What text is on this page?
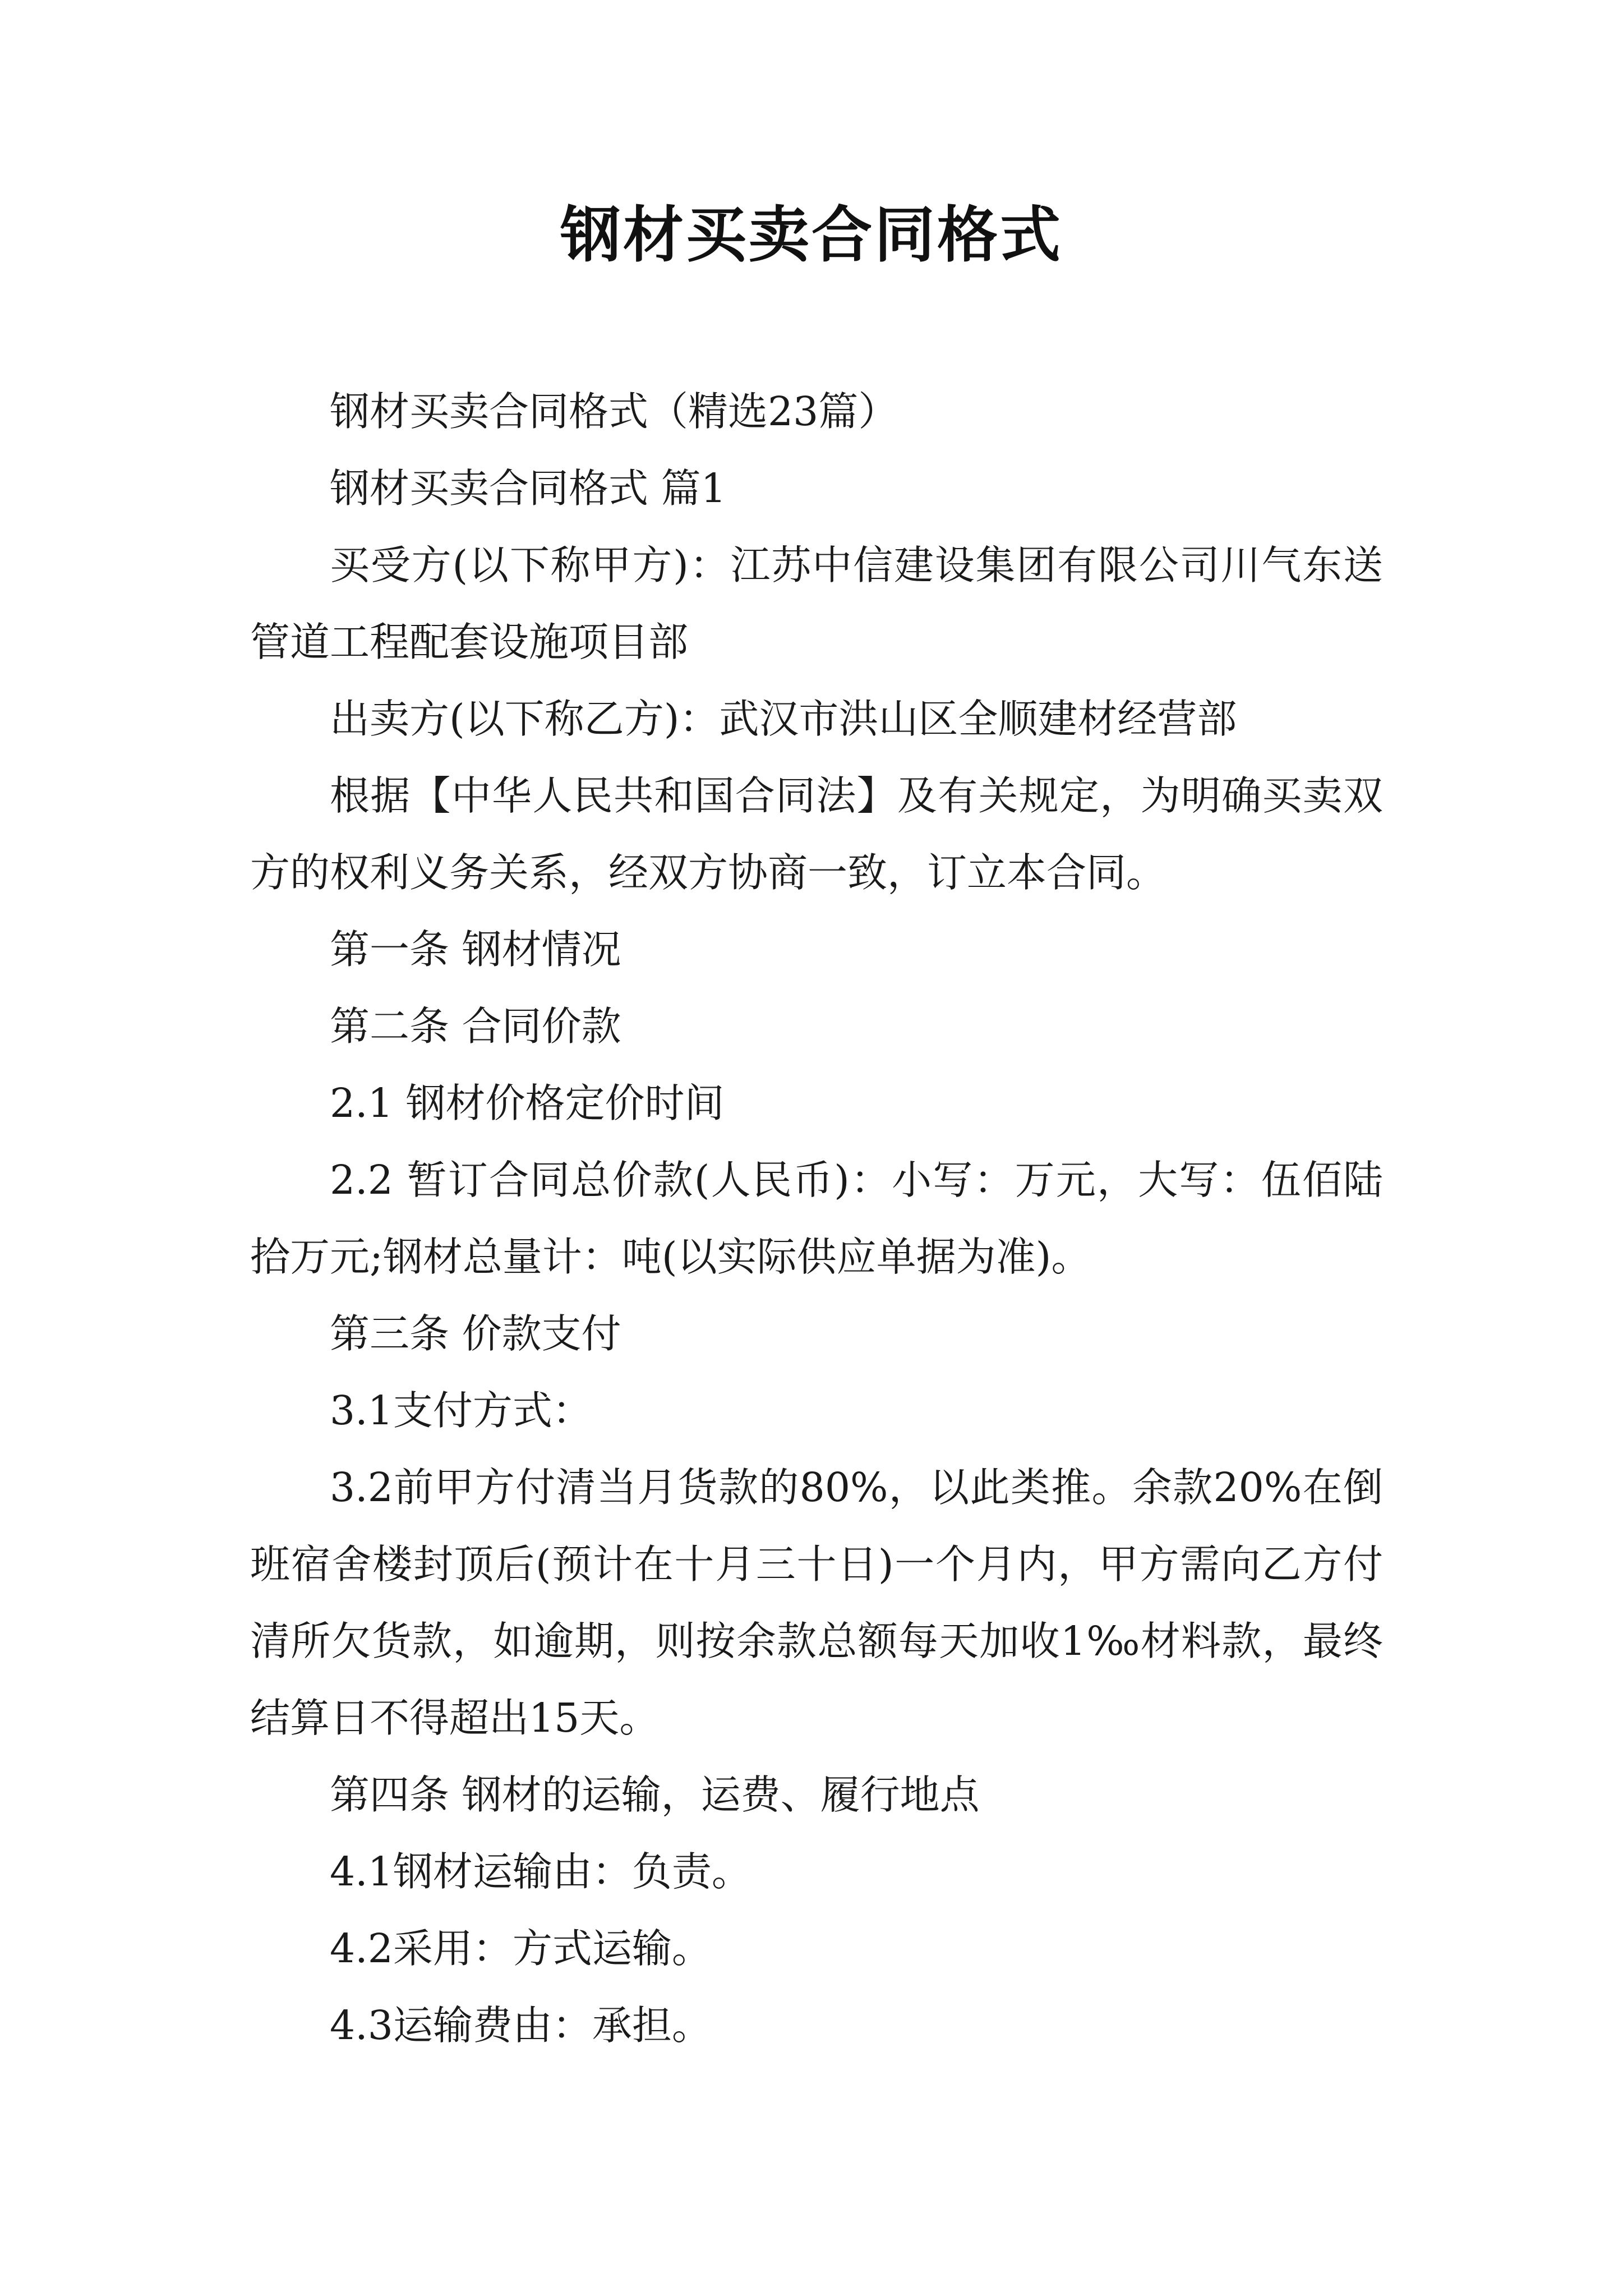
钢材买卖合同格式

钢材买卖合同格式（精选23篇）

钢材买卖合同格式 篇1

买受方(以下称甲方)：江苏中信建设集团有限公司川气东送管道工程配套设施项目部

出卖方(以下称乙方)：武汉市洪山区全顺建材经营部

根据【中华人民共和国合同法】及有关规定，为明确买卖双方的权利义务关系，经双方协商一致，订立本合同。

第一条 钢材情况

第二条 合同价款

2.1 钢材价格定价时间

2.2 暂订合同总价款(人民币)：小写：万元，大写：伍佰陆拾万元;钢材总量计：吨(以实际供应单据为准)。

第三条 价款支付

3.1支付方式：

3.2前甲方付清当月货款的80%，以此类推。余款20%在倒班宿舍楼封顶后(预计在十月三十日)一个月内，甲方需向乙方付清所欠货款，如逾期，则按余款总额每天加收1‰材料款，最终结算日不得超出15天。

第四条 钢材的运输，运费、履行地点

4.1钢材运输由：负责。

4.2采用：方式运输。

4.3运输费由：承担。
